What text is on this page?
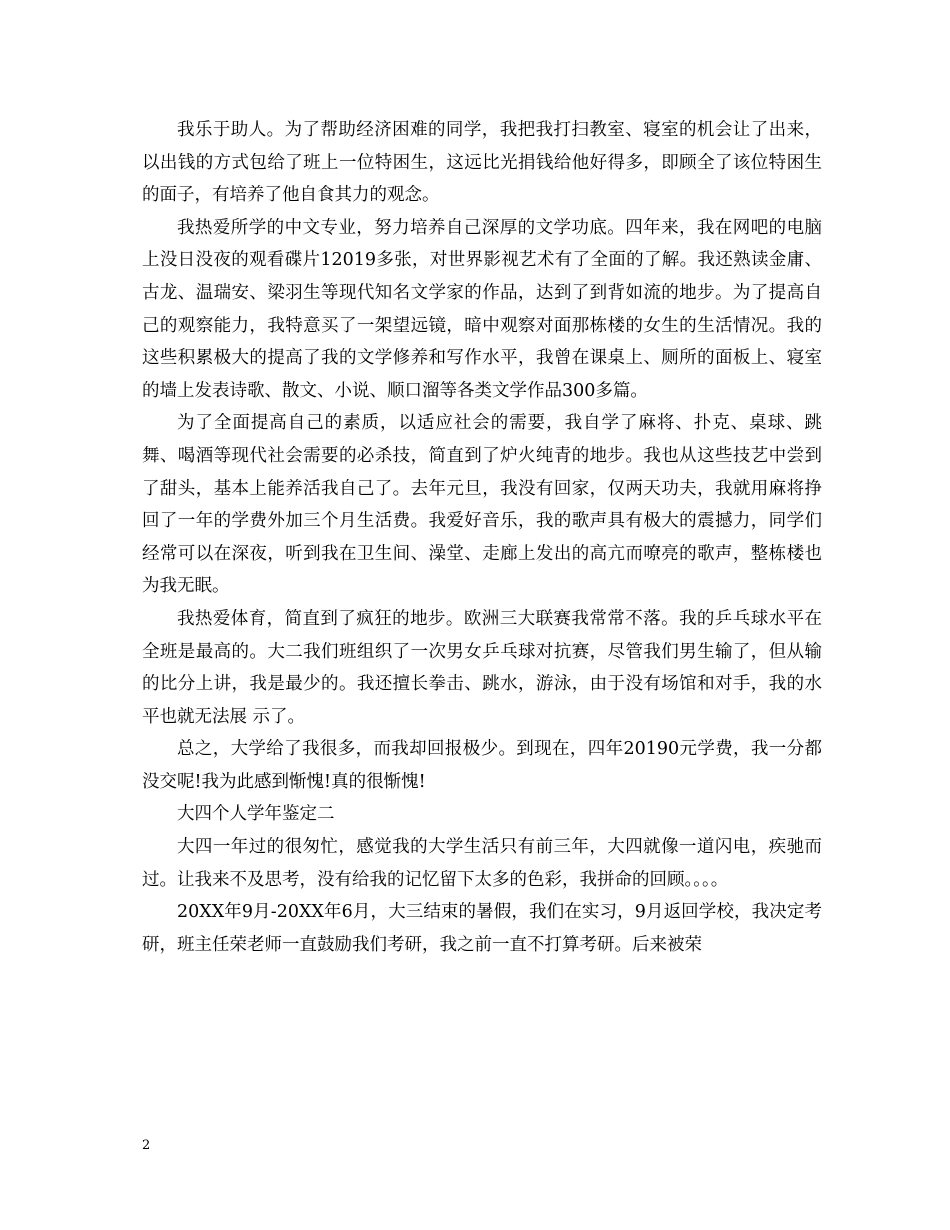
我乐于助人。为了帮助经济困难的同学，我把我打扫教室、寝室的机会让了出来，以出钱的方式包给了班上一位特困生，这远比光捐钱给他好得多，即顾全了该位特困生的面子，有培养了他自食其力的观念。

我热爱所学的中文专业，努力培养自己深厚的文学功底。四年来，我在网吧的电脑上没日没夜的观看碟片12019多张，对世界影视艺术有了全面的了解。我还熟读金庸、古龙、温瑞安、梁羽生等现代知名文学家的作品，达到了到背如流的地步。为了提高自己的观察能力，我特意买了一架望远镜，暗中观察对面那栋楼的女生的生活情况。我的这些积累极大的提高了我的文学修养和写作水平，我曾在课桌上、厕所的面板上、寝室的墙上发表诗歌、散文、小说、顺口溜等各类文学作品300多篇。

为了全面提高自己的素质，以适应社会的需要，我自学了麻将、扑克、桌球、跳舞、喝酒等现代社会需要的必杀技，简直到了炉火纯青的地步。我也从这些技艺中尝到了甜头，基本上能养活我自己了。去年元旦，我没有回家，仅两天功夫，我就用麻将挣回了一年的学费外加三个月生活费。我爱好音乐，我的歌声具有极大的震撼力，同学们经常可以在深夜，听到我在卫生间、澡堂、走廊上发出的高亢而嘹亮的歌声，整栋楼也为我无眠。

我热爱体育，简直到了疯狂的地步。欧洲三大联赛我常常不落。我的乒乓球水平在全班是最高的。大二我们班组织了一次男女乒乓球对抗赛，尽管我们男生输了，但从输的比分上讲，我是最少的。我还擅长拳击、跳水，游泳，由于没有场馆和对手，我的水平也就无法展 示了。

总之，大学给了我很多，而我却回报极少。到现在，四年20190元学费，我一分都没交呢!我为此感到惭愧!真的很惭愧!

大四个人学年鉴定二

大四一年过的很匆忙，感觉我的大学生活只有前三年，大四就像一道闪电，疾驰而过。让我来不及思考，没有给我的记忆留下太多的色彩，我拼命的回顾。。。。

20XX年9月-20XX年6月，大三结束的暑假，我们在实习，9月返回学校，我决定考研，班主任荣老师一直鼓励我们考研，我之前一直不打算考研。后来被荣

2
